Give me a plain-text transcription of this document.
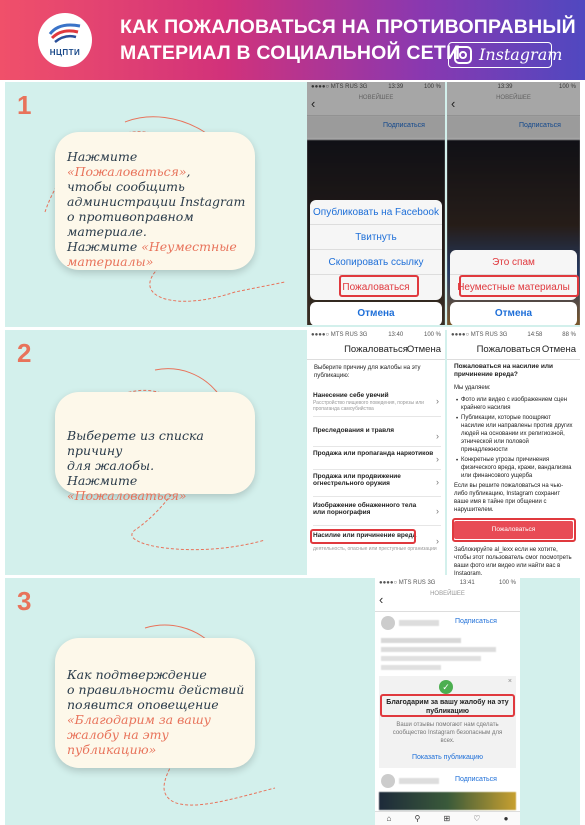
НЦПТИ
КАК ПОЖАЛОВАТЬСЯ НА ПРОТИВОПРАВНЫЙ
МАТЕРИАЛ В СОЦИАЛЬНОЙ СЕТИ Instagram
1
Нажмите «Пожаловаться»,
чтобы сообщить
администрации Instagram
о противоправном
материале.
Нажмите «Неуместные
материалы»
●●●●○ MTS RUS 3G	13:39	100 %
‹	НОВЕЙШЕЕ
Подписаться
Опубликовать на Facebook
Твитнуть
Скопировать ссылку
Пожаловаться
Отмена
13:39	100 %
‹	НОВЕЙШЕЕ
Подписаться
Это спам
Неуместные материалы
Отмена
2
Выберете из списка причину
для жалобы.
Нажмите «Пожаловаться»
●●●●○ MTS RUS 3G	13:40	100 %
Пожаловаться Отмена
Выберите причину для жалобы на эту публикацию:
Нанесение себе увечий
Расстройство пищевого поведения, порезы или пропаганда самоубийства
›
Преследования и травля
›
Продажа или пропаганда наркотиков
›
Продажа или продвижение огнестрельного оружия	›
Изображение обнаженного тела или порнография	›
Насилие или причинение вреда
деятельность, опасные или преступные организации
›
●●●●○ MTS RUS 3G	14:58	88 %
Пожаловаться Отмена
Пожаловаться на насилие или причинение вреда?
Мы удаляем:
Фото или видео с изображением сцен крайнего насилия
Публикации, которые поощряют насилие или направлены против других людей на основании их религиозной, этнической или половой принадлежности
Конкретные угрозы причинения физического вреда, кражи, вандализма или финансового ущерба
•
•
•
Если вы решите пожаловаться на чью-либо публикацию, Instagram сохранит ваше имя в тайне при общении с нарушителем.
Пожаловаться
Заблокируйте al_lexx если не хотите, чтобы этот пользователь смог посмотреть ваши фото или видео или найти вас в Instagram.
3
Как подтверждение
о правильности действий
появится оповещение
«Благодарим за вашу
жалобу на эту публикацию»
●●●●○ MTS RUS 3G	13:41	100 %
‹	НОВЕЙШЕЕ
Подписаться
×
✓
Благодарим за вашу жалобу на эту публикацию
Ваши отзывы помогают нам сделать сообщество Instagram безопасным для всех.
Показать публикацию
Подписаться
⌂	⚲	⊞	♡	●
